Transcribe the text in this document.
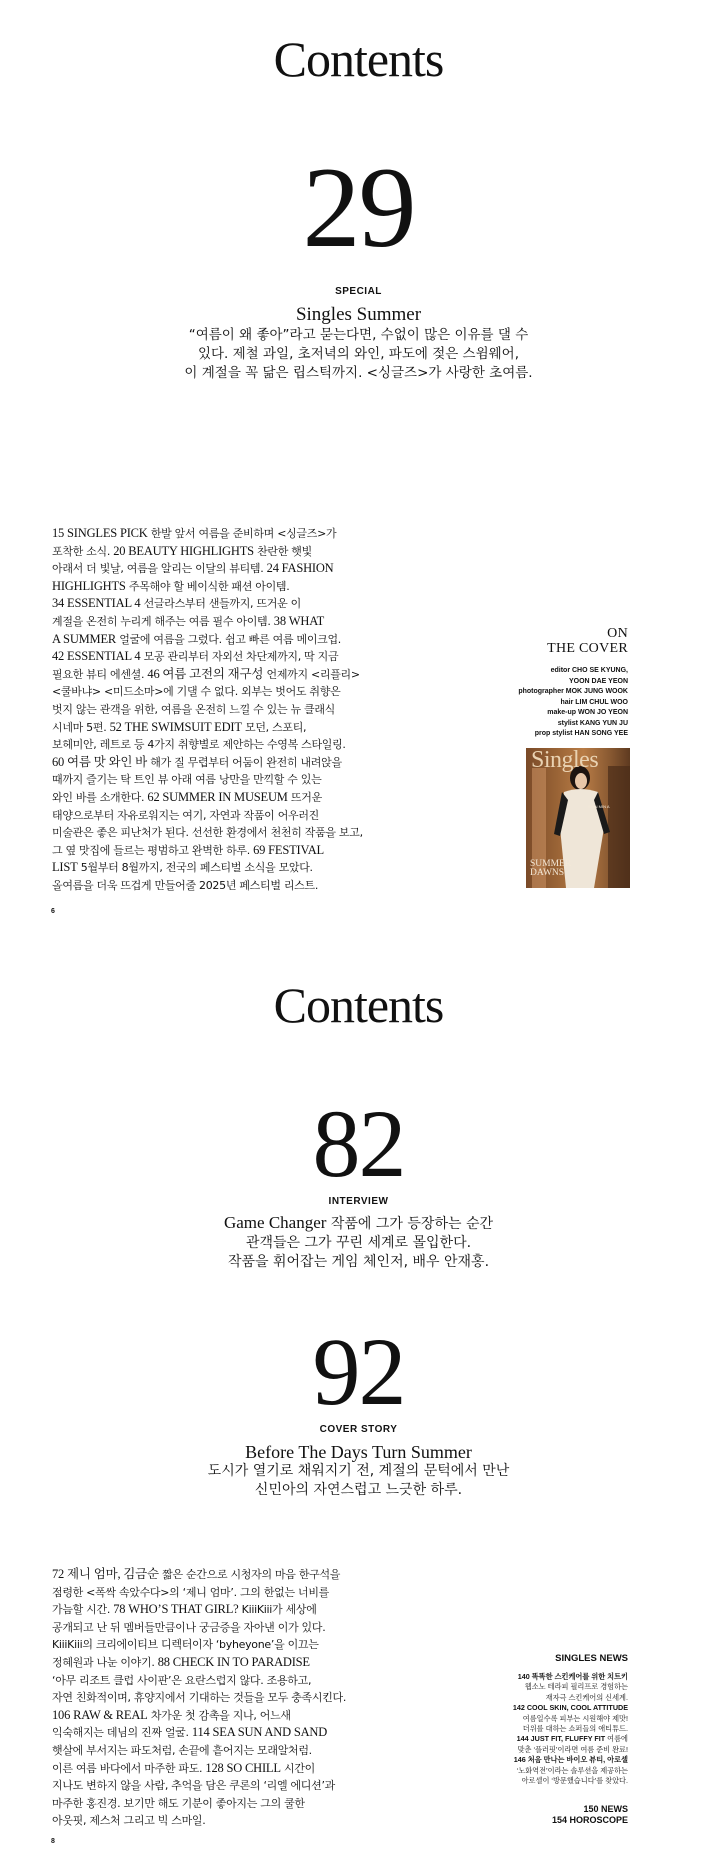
Contents
29
SPECIAL
Singles Summer
“여름이 왜 좋아”라고 묻는다면, 수없이 많은 이유를 댈 수
있다. 제철 과일, 초저녁의 와인, 파도에 젖은 스윔웨어,
이 계절을 꼭 닮은 립스틱까지. <싱글즈>가 사랑한 초여름.

15 SINGLES PICK 한발 앞서 여름을 준비하며 <싱글즈>가

포착한 소식. 20 BEAUTY HIGHLIGHTS 찬란한 햇빛

아래서 더 빛날, 여름을 알리는 이달의 뷰티템. 24 FASHION

HIGHLIGHTS 주목해야 할 베이식한 패션 아이템.

34 ESSENTIAL 4 선글라스부터 샌들까지, 뜨거운 이

계절을 온전히 누리게 해주는 여름 필수 아이템. 38 WHAT

A SUMMER 얼굴에 여름을 그렸다. 쉽고 빠른 여름 메이크업.

42 ESSENTIAL 4 모공 관리부터 자외선 차단제까지, 딱 지금

필요한 뷰티 에센셜. 46 여름 고전의 재구성 언제까지 <리플리>

<쿨바냐> <미드소마>에 기댈 수 없다. 외부는 벗어도 취향은

벗지 않는 관객을 위한, 여름을 온전히 느낄 수 있는 뉴 클래식

시네마 5편. 52 THE SWIMSUIT EDIT 모던, 스포티,

보헤미안, 레트로 등 4가지 취향별로 제안하는 수영복 스타일링.

60 여름 맛 와인 바 해가 질 무렵부터 어둠이 완전히 내려앉을

때까지 즐기는 탁 트인 뷰 아래 여름 낭만을 만끽할 수 있는

와인 바를 소개한다. 62 SUMMER IN MUSEUM 뜨거운

태양으로부터 자유로워지는 여기, 자연과 작품이 어우러진

미술관은 좋은 피난처가 된다. 선선한 환경에서 천천히 작품을 보고,

그 옆 맛집에 들르는 평범하고 완벽한 하루. 69 FESTIVAL

LIST 5월부터 8월까지, 전국의 페스티벌 소식을 모았다.

올여름을 더욱 뜨겁게 만들어줄 2025년 페스티벌 리스트.

6
ON
THE COVER
editor CHO SE KYUNG,
YOON DAE YEON
photographer MOK JUNG WOOK
hair LIM CHUL WOO
make-up WON JO YEON
stylist KANG YUN JU
prop stylist HAN SONG YEE
Singles
SUMMER DAWNS
SHIN MIN A
Contents
82
INTERVIEW
Game Changer 작품에 그가 등장하는 순간
관객들은 그가 꾸린 세계로 몰입한다.
작품을 휘어잡는 게임 체인저, 배우 안재홍.
92
COVER STORY
Before The Days Turn Summer
도시가 열기로 채워지기 전, 계절의 문턱에서 만난
신민아의 자연스럽고 느긋한 하루.

72 제니 엄마, 김금순 짧은 순간으로 시청자의 마음 한구석을

점령한 <폭싹 속았수다>의 ‘제니 엄마’. 그의 한없는 너비를

가늠할 시간. 78 WHO’S THAT GIRL? KiiiKiii가 세상에

공개되고 난 뒤 멤버들만큼이나 궁금증을 자아낸 이가 있다.

KiiiKiii의 크리에이티브 디렉터이자 ‘byheyone’을 이끄는

정혜원과 나눈 이야기. 88 CHECK IN TO PARADISE

‘아무 리조트 클럽 사이판’은 요란스럽지 않다. 조용하고,

자연 친화적이며, 휴양지에서 기대하는 것들을 모두 충족시킨다.

106 RAW & REAL 차가운 첫 감촉을 지나, 어느새

익숙해지는 데님의 진짜 얼굴. 114 SEA SUN AND SAND

햇살에 부서지는 파도처럼, 손끝에 흩어지는 모래알처럼.

이른 여름 바다에서 마주한 파도. 128 SO CHILL 시간이

지나도 변하지 않을 사람, 추억을 담은 쿠론의 ‘리엘 에디션’과

마주한 홍진경. 보기만 해도 기분이 좋아지는 그의 쿨한

아웃핏, 제스처 그리고 빅 스마일.

8
SINGLES NEWS
140 똑똑한 스킨케어를 위한 치트키
웹소노 테라피 필리프로 경험하는
재자극 스킨케어의 신세계.
142 COOL SKIN, COOL ATTITUDE
여름일수록 피부는 시원해야 제맛!
더위를 대하는 쇼퍼들의 애티튜드.
144 JUST FIT, FLUFFY FIT 여름에
맞춘 ‘플러핏’이라면 여름 준비 완료!
146 처음 만나는 바이오 뷰티, 아로셀
‘노화역전’이라는 솔루션을 제공하는
아로셀이 ‘방문했습니다’를 찾았다.
150 NEWS
154 HOROSCOPE
